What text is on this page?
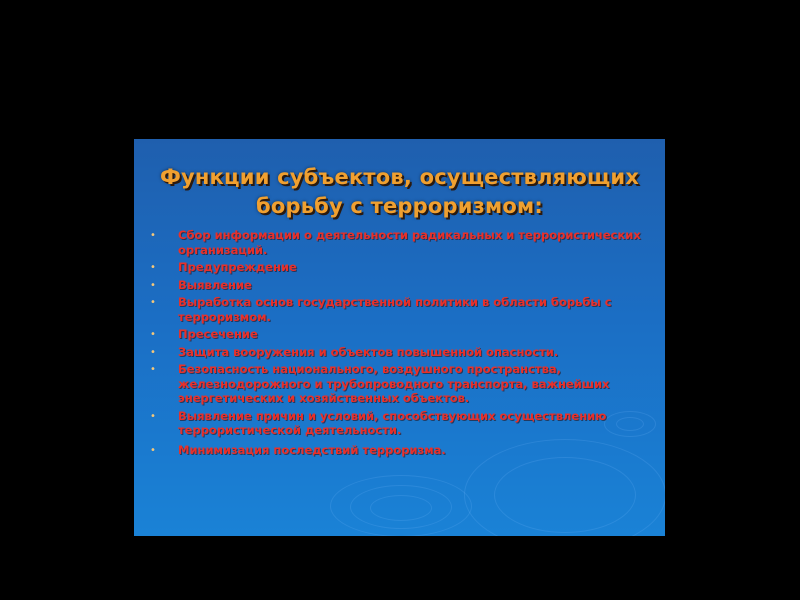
Функции субъектов, осуществляющих
борьбу с терроризмом:
• Сбор информации о деятельности радикальных и террористических организаций.
• Предупреждение
• Выявление
• Выработка основ государственной политики в области борьбы с терроризмом.
• Пресечение
• Защита вооружения и объектов повышенной опасности.
• Безопасность национального, воздушного пространства, железнодорожного и трубопроводного транспорта, важнейших энергетических и хозяйственных объектов.
• Выявление причин и условий, способствующих осуществлению террористической деятельности.
• Минимизация последствий терроризма.
